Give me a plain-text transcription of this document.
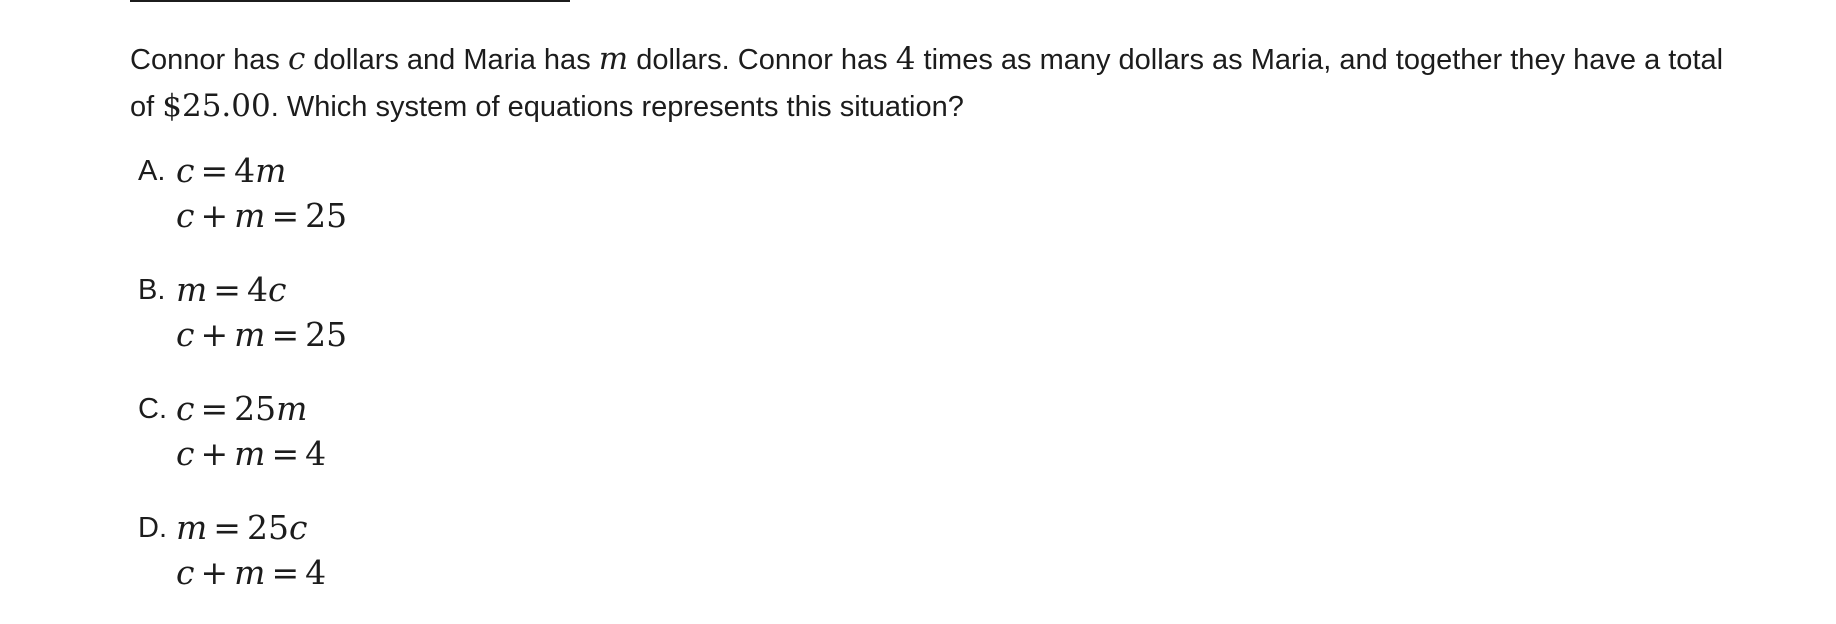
Connor has c dollars and Maria has m dollars. Connor has 4 times as many dollars as Maria, and together they have a total of $25.00. Which system of equations represents this situation?

A. c = 4m
c + m = 25
B. m = 4c
c + m = 25
C. c = 25m
c + m = 4
D. m = 25c
c + m = 4
